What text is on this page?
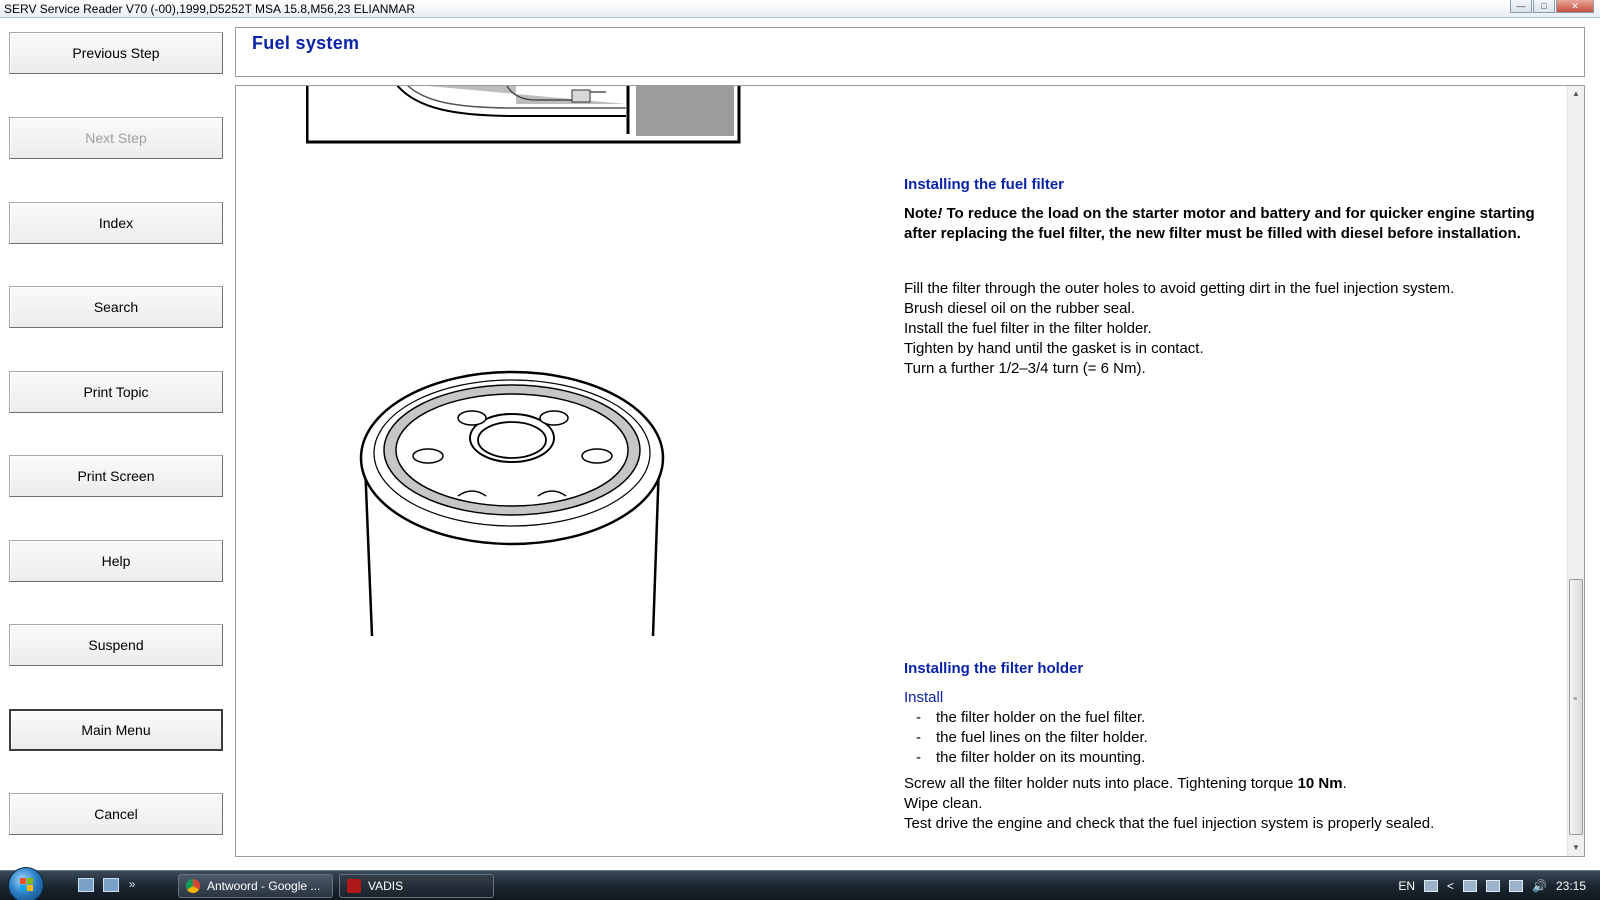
SERV Service Reader V70 (-00),1999,D5252T MSA 15.8,M56,23 ELIANMAR	—	□	✕
Previous Step
Next Step
Index
Search
Print Topic
Print Screen
Help
Suspend
Main Menu
Cancel
Fuel system
Installing the fuel filter
Note! To reduce the load on the starter motor and battery and for quicker engine starting after replacing the fuel filter, the new filter must be filled with diesel before installation.
Fill the filter through the outer holes to avoid getting dirt in the fuel injection system.
Brush diesel oil on the rubber seal.
Install the fuel filter in the filter holder.
Tighten by hand until the gasket is in contact.
Turn a further 1/2–3/4 turn (= 6 Nm).
Installing the filter holder
Install
- the filter holder on the fuel filter.
- the fuel lines on the filter holder.
- the filter holder on its mounting.
Screw all the filter holder nuts into place. Tightening torque 10 Nm.
Wipe clean.
Test drive the engine and check that the fuel injection system is properly sealed.
▲
≡
▼
»	Antwoord - Google ...	VADIS	EN	<	🔊 23:15
